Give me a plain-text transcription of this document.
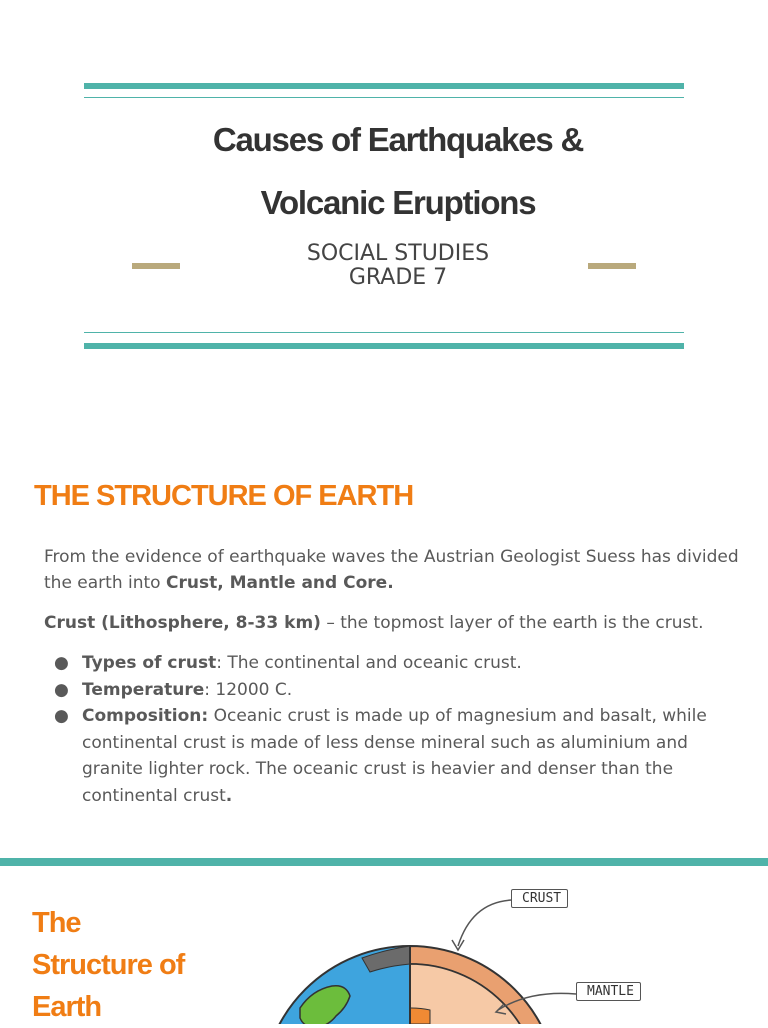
Causes of Earthquakes &
Volcanic Eruptions
SOCIAL STUDIES
GRADE 7
THE STRUCTURE OF EARTH
From the evidence of earthquake waves the Austrian Geologist Suess has divided the earth into Crust, Mantle and Core.
Crust (Lithosphere, 8-33 km) – the topmost layer of the earth is the crust.
● Types of crust: The continental and oceanic crust.
● Temperature: 12000 C.
● Composition: Oceanic crust is made up of magnesium and basalt, while continental crust is made of less dense mineral such as aluminium and granite lighter rock. The oceanic crust is heavier and denser than the continental crust.
The
Structure of
Earth
CRUST
MANTLE
